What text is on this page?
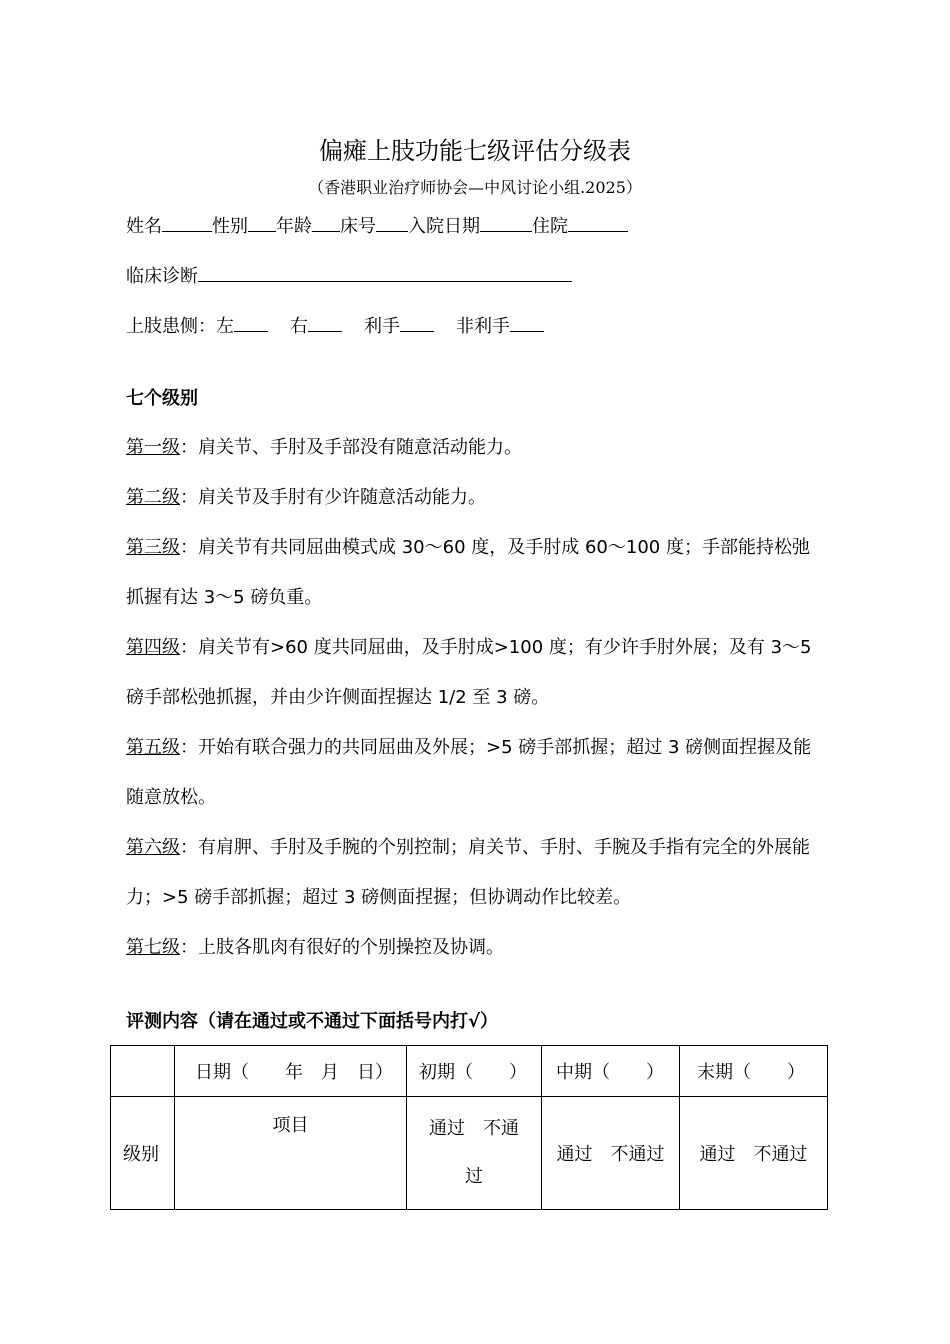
偏瘫上肢功能七级评估分级表
（香港职业治疗师协会—中风讨论小组.2025）
姓名	性别 年龄 床号 入院日期	住院
临床诊断
上肢患侧：左	右	利手	非利手
七个级别
第一级：肩关节、手肘及手部没有随意活动能力。
第二级：肩关节及手肘有少许随意活动能力。
第三级：肩关节有共同屈曲模式成 30～60 度，及手肘成 60～100 度；手部能持松弛抓握有达 3～5 磅负重。
第四级：肩关节有>60 度共同屈曲，及手肘成>100 度；有少许手肘外展；及有 3～5 磅手部松弛抓握，并由少许侧面捏握达 1/2 至 3 磅。
第五级：开始有联合强力的共同屈曲及外展；>5 磅手部抓握；超过 3 磅侧面捏握及能随意放松。
第六级：有肩胛、手肘及手腕的个别控制；肩关节、手肘、手腕及手指有完全的外展能力；>5 磅手部抓握；超过 3 磅侧面捏握；但协调动作比较差。
第七级：上肢各肌肉有很好的个别操控及协调。
评测内容（请在通过或不通过下面括号内打√）
	日期（　　年　月　日）	初期（　　）	中期（　　）	末期（　　）
级别	项目	通过　不通过	通过　不通过	通过　不通过
